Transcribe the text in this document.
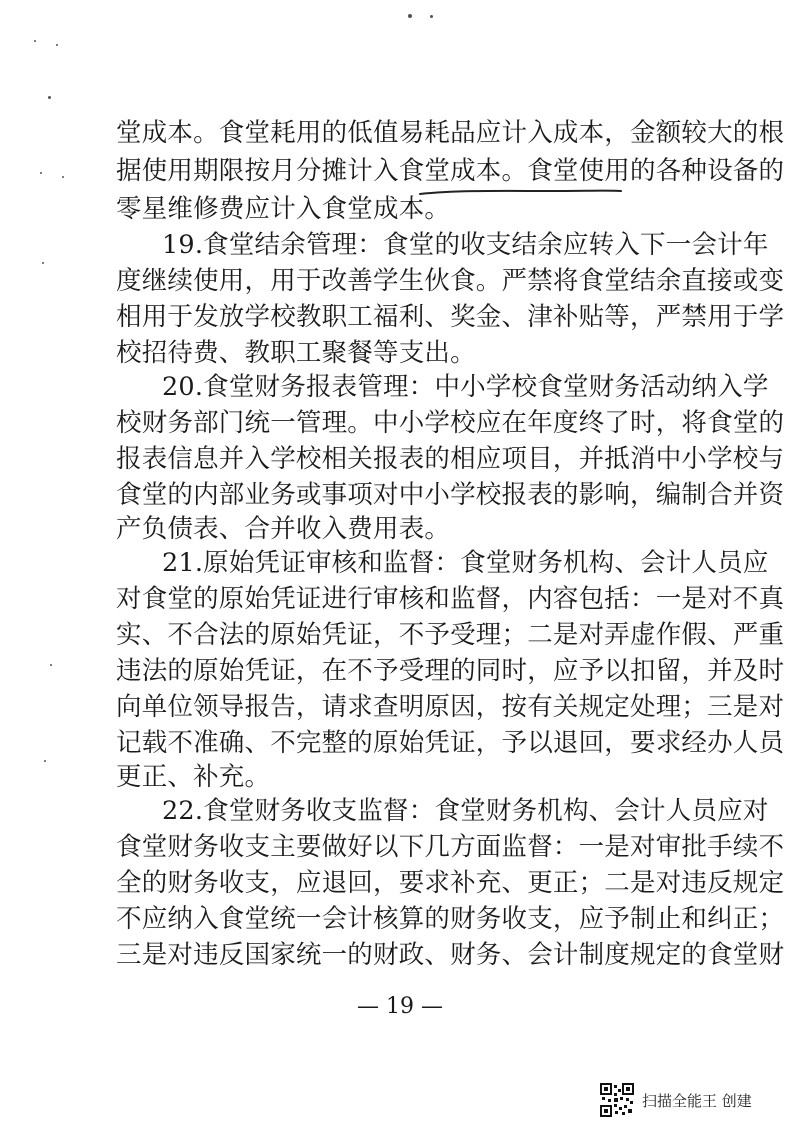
堂成本。食堂耗用的低值易耗品应计入成本，金额较大的根
据使用期限按月分摊计入食堂成本。食堂使用的各种设备的
零星维修费应计入食堂成本。
19.食堂结余管理：食堂的收支结余应转入下一会计年
度继续使用，用于改善学生伙食。严禁将食堂结余直接或变
相用于发放学校教职工福利、奖金、津补贴等，严禁用于学
校招待费、教职工聚餐等支出。
20.食堂财务报表管理：中小学校食堂财务活动纳入学
校财务部门统一管理。中小学校应在年度终了时，将食堂的
报表信息并入学校相关报表的相应项目，并抵消中小学校与
食堂的内部业务或事项对中小学校报表的影响，编制合并资
产负债表、合并收入费用表。
21.原始凭证审核和监督：食堂财务机构、会计人员应
对食堂的原始凭证进行审核和监督，内容包括：一是对不真
实、不合法的原始凭证，不予受理；二是对弄虚作假、严重
违法的原始凭证，在不予受理的同时，应予以扣留，并及时
向单位领导报告，请求查明原因，按有关规定处理；三是对
记载不准确、不完整的原始凭证，予以退回，要求经办人员
更正、补充。
22.食堂财务收支监督：食堂财务机构、会计人员应对
食堂财务收支主要做好以下几方面监督：一是对审批手续不
全的财务收支，应退回，要求补充、更正；二是对违反规定
不应纳入食堂统一会计核算的财务收支，应予制止和纠正；
三是对违反国家统一的财政、财务、会计制度规定的食堂财
— 19 —
扫描全能王 创建
